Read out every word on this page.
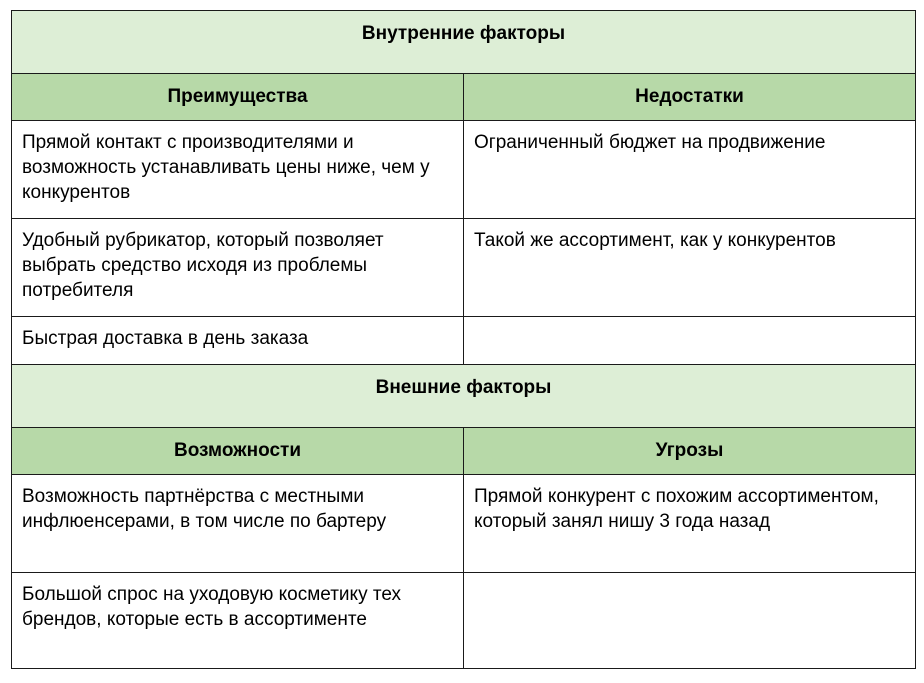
Внутренние факторы	
Преимущества	Недостатки
Прямой контакт с производителями и возможность устанавливать цены ниже, чем у конкурентов	Ограниченный бюджет на продвижение
Удобный рубрикатор, который позволяет выбрать средство исходя из проблемы потребителя	Такой же ассортимент, как у конкурентов
Быстрая доставка в день заказа	
Внешние факторы	
Возможности	Угрозы
Возможность партнёрства с местными инфлюенсерами, в том числе по бартеру	Прямой конкурент с похожим ассортиментом, который занял нишу 3 года назад
Большой спрос на уходовую косметику тех брендов, которые есть в ассортименте	
